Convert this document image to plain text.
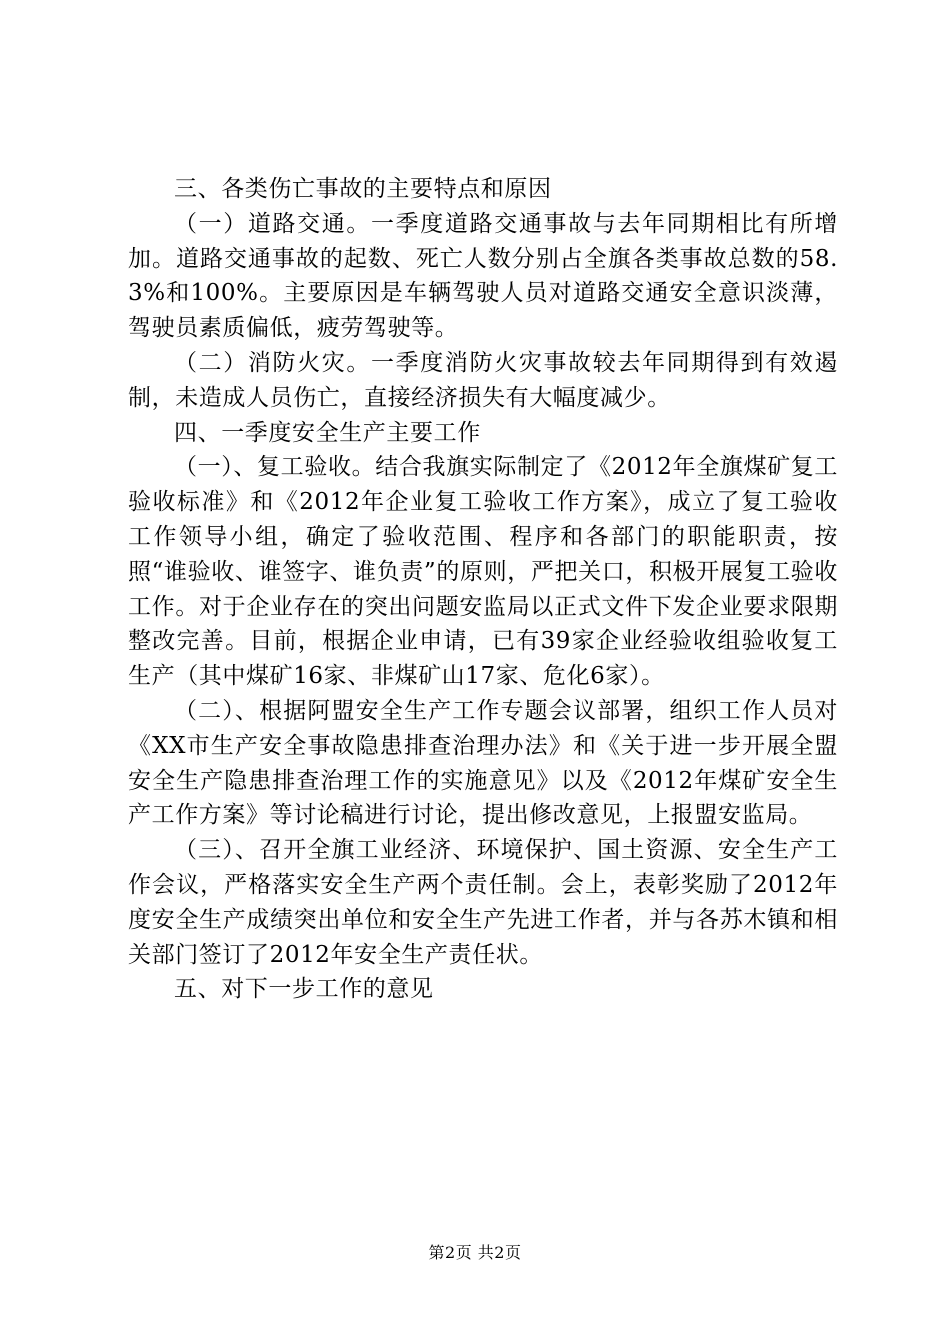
三、各类伤亡事故的主要特点和原因

（一）道路交通。一季度道路交通事故与去年同期相比有所增加。道路交通事故的起数、死亡人数分别占全旗各类事故总数的58.3%和100%。主要原因是车辆驾驶人员对道路交通安全意识淡薄，驾驶员素质偏低，疲劳驾驶等。

（二）消防火灾。一季度消防火灾事故较去年同期得到有效遏制，未造成人员伤亡，直接经济损失有大幅度减少。

四、一季度安全生产主要工作

（一）、复工验收。结合我旗实际制定了《2012年全旗煤矿复工验收标准》和《2012年企业复工验收工作方案》，成立了复工验收工作领导小组，确定了验收范围、程序和各部门的职能职责，按照“谁验收、谁签字、谁负责”的原则，严把关口，积极开展复工验收工作。对于企业存在的突出问题安监局以正式文件下发企业要求限期整改完善。目前，根据企业申请，已有39家企业经验收组验收复工生产（其中煤矿16家、非煤矿山17家、危化6家）。

（二）、根据阿盟安全生产工作专题会议部署，组织工作人员对《XX市生产安全事故隐患排查治理办法》和《关于进一步开展全盟安全生产隐患排查治理工作的实施意见》以及《2012年煤矿安全生产工作方案》等讨论稿进行讨论，提出修改意见，上报盟安监局。

（三）、召开全旗工业经济、环境保护、国土资源、安全生产工作会议，严格落实安全生产两个责任制。会上，表彰奖励了2012年度安全生产成绩突出单位和安全生产先进工作者，并与各苏木镇和相关部门签订了2012年安全生产责任状。

五、对下一步工作的意见

第2页 共2页
